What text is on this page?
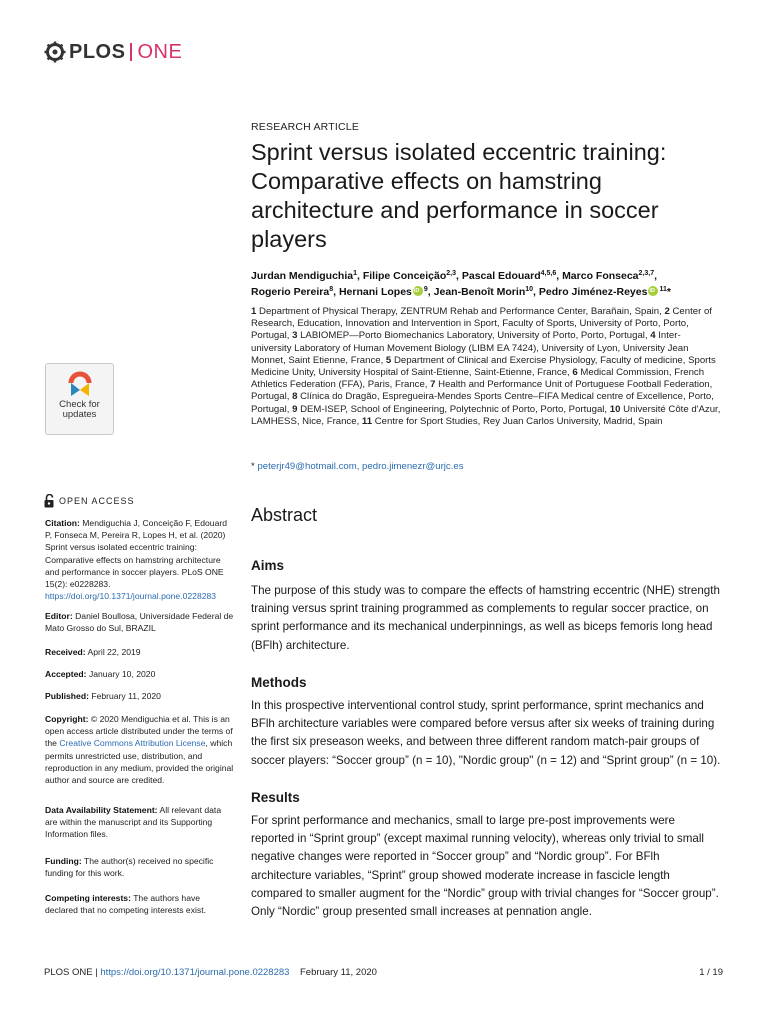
PLOS ONE
Check for
updates
OPEN ACCESS

Citation: Mendiguchia J, Conceição F, Edouard P, Fonseca M, Pereira R, Lopes H, et al. (2020) Sprint versus isolated eccentric training: Comparative effects on hamstring architecture and performance in soccer players. PLoS ONE 15(2): e0228283. https://doi.org/10.1371/journal.pone.0228283

Editor: Daniel Boullosa, Universidade Federal de Mato Grosso do Sul, BRAZIL

Received: April 22, 2019

Accepted: January 10, 2020

Published: February 11, 2020

Copyright: © 2020 Mendiguchia et al. This is an open access article distributed under the terms of the Creative Commons Attribution License, which permits unrestricted use, distribution, and reproduction in any medium, provided the original author and source are credited.

Data Availability Statement: All relevant data are within the manuscript and its Supporting Information files.

Funding: The author(s) received no specific funding for this work.

Competing interests: The authors have declared that no competing interests exist.

RESEARCH ARTICLE
Sprint versus isolated eccentric training: Comparative effects on hamstring architecture and performance in soccer players

Jurdan Mendiguchia$^1$, Filipe Conceição$^{2,3}$, Pascal Edouard$^{4,5,6}$, Marco Fonseca$^{2,3,7}$,
Rogerio Pereira$^8$, Hernani LopesiD $^9$, Jean-Benoît Morin$^{10}$, Pedro Jiménez-ReyesiD $^{11}$*

1 Department of Physical Therapy, ZENTRUM Rehab and Performance Center, Barañain, Spain, 2 Center of Research, Education, Innovation and Intervention in Sport, Faculty of Sports, University of Porto, Porto, Portugal, 3 LABIOMEP—Porto Biomechanics Laboratory, University of Porto, Porto, Portugal, 4 Inter-university Laboratory of Human Movement Biology (LIBM EA 7424), University of Lyon, University Jean Monnet, Saint Etienne, France, 5 Department of Clinical and Exercise Physiology, Faculty of medicine, Sports Medicine Unity, University Hospital of Saint-Etienne, Saint-Etienne, France, 6 Medical Commission, French Athletics Federation (FFA), Paris, France, 7 Health and Performance Unit of Portuguese Football Federation, Portugal, 8 Clínica do Dragão, Espregueira-Mendes Sports Centre–FIFA Medical centre of Excellence, Porto, Portugal, 9 DEM-ISEP, School of Engineering, Polytechnic of Porto, Porto, Portugal, 10 Université Côte d'Azur, LAMHESS, Nice, France, 11 Centre for Sport Studies, Rey Juan Carlos University, Madrid, Spain

* peterjr49@hotmail.com, pedro.jimenezr@urjc.es
Abstract
Aims

The purpose of this study was to compare the effects of hamstring eccentric (NHE) strength training versus sprint training programmed as complements to regular soccer practice, on sprint performance and its mechanical underpinnings, as well as biceps femoris long head (BFlh) architecture.

Methods

In this prospective interventional control study, sprint performance, sprint mechanics and BFlh architecture variables were compared before versus after six weeks of training during the first six preseason weeks, and between three different random match-pair groups of soccer players: “Soccer group” (n = 10), "Nordic group" (n = 12) and “Sprint group” (n = 10).

Results

For sprint performance and mechanics, small to large pre-post improvements were reported in “Sprint group” (except maximal running velocity), whereas only trivial to small negative changes were reported in “Soccer group” and “Nordic group”. For BFlh architecture variables, “Sprint” group showed moderate increase in fascicle length compared to smaller augment for the “Nordic” group with trivial changes for “Soccer group”. Only “Nordic” group presented small increases at pennation angle.

PLOS ONE | https://doi.org/10.1371/journal.pone.0228283 February 11, 2020	1 / 19
